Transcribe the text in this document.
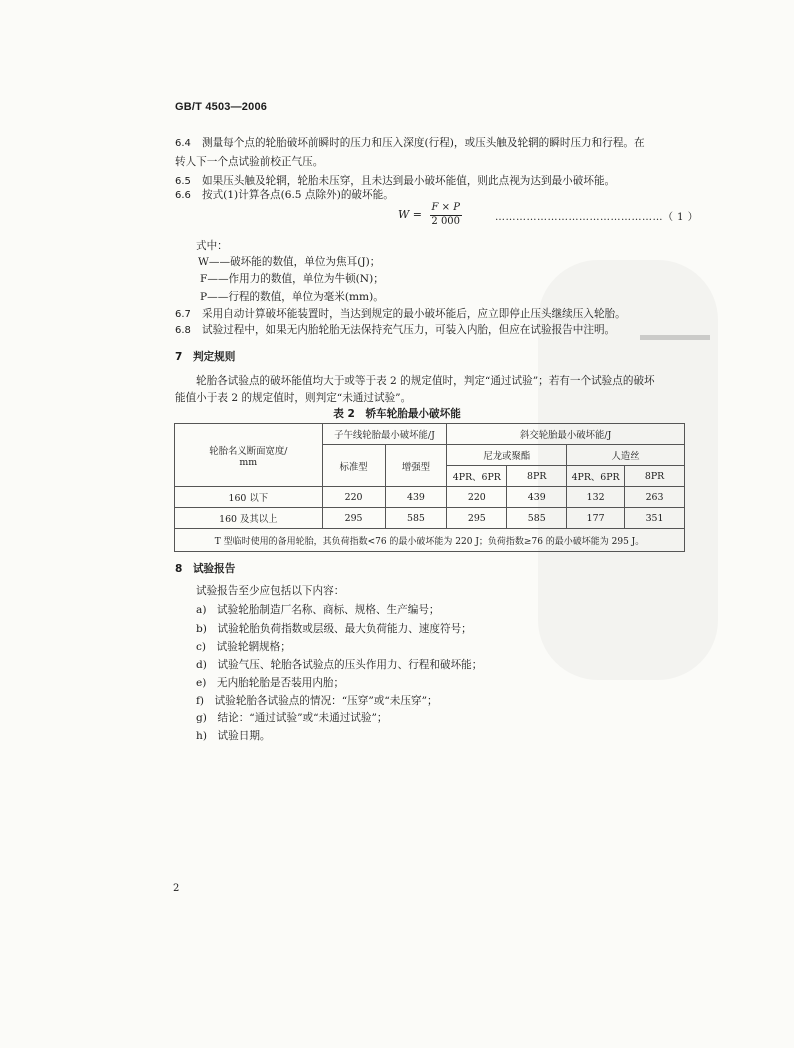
GB/T 4503—2006
6.4 测量每个点的轮胎破坏前瞬时的压力和压入深度(行程)，或压头触及轮辋的瞬时压力和行程。在
转人下一个点试验前校正气压。
6.5 如果压头触及轮辋，轮胎未压穿，且未达到最小破坏能值，则此点视为达到最小破坏能。
6.6 按式(1)计算各点(6.5 点除外)的破坏能。
$W = \frac{F \times P}{2 000}$	…………………………………………（ 1 ）
式中：
W——破坏能的数值，单位为焦耳(J)；
F——作用力的数值，单位为牛顿(N)；
P——行程的数值，单位为毫米(mm)。
6.7 采用自动计算破坏能装置时，当达到规定的最小破坏能后，应立即停止压头继续压入轮胎。
6.8 试验过程中，如果无内胎轮胎无法保持充气压力，可装入内胎，但应在试验报告中注明。
7　判定规则
轮胎各试验点的破坏能值均大于或等于表 2 的规定值时，判定“通过试验”；若有一个试验点的破坏
能值小于表 2 的规定值时，则判定“未通过试验”。
表 2　轿车轮胎最小破坏能
轮胎名义断面宽度/
mm	子午线轮胎最小破坏能/J		斜交轮胎最小破坏能/J			
	标准型	增强型	尼龙或聚酯		人造丝	
			4PR、6PR	8PR	4PR、6PR	8PR
160 以下	220	439	220	439	132	263
160 及其以上	295	585	295	585	177	351
T 型临时使用的备用轮胎，其负荷指数<76 的最小破坏能为 220 J；负荷指数≥76 的最小破坏能为 295 J。						
8　试验报告
试验报告至少应包括以下内容：
a)　试验轮胎制造厂名称、商标、规格、生产编号；
b)　试验轮胎负荷指数或层级、最大负荷能力、速度符号；
c)　试验轮辋规格；
d)　试验气压、轮胎各试验点的压头作用力、行程和破坏能；
e)　无内胎轮胎是否装用内胎；
f)　试验轮胎各试验点的情况：“压穿”或“未压穿”；
g)　结论：“通过试验”或“未通过试验”；
h)　试验日期。
2
